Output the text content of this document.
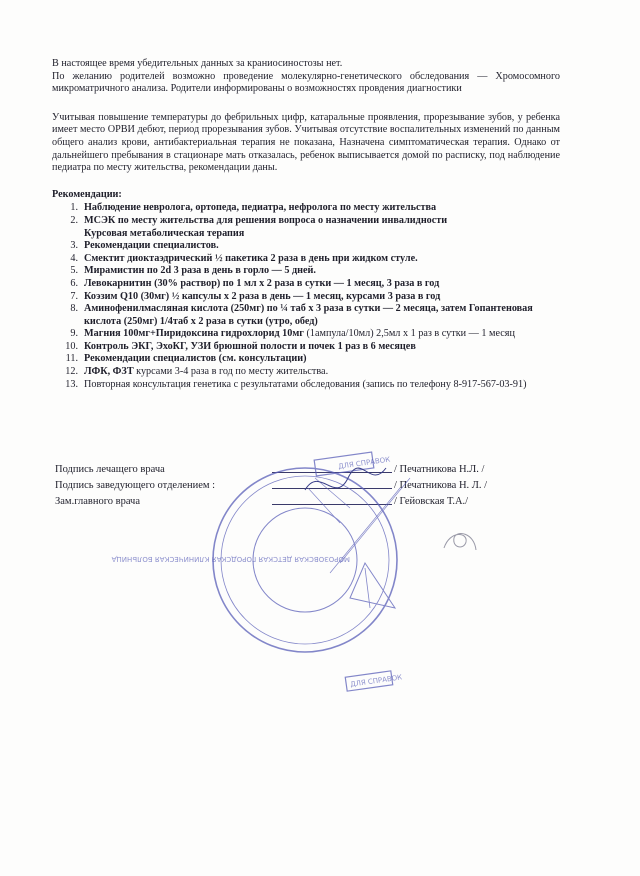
В настоящее время убедительных данных за краниосиностозы нет.

По желанию родителей возможно проведение молекулярно-генетического обследования — Хромосомного микроматричного анализа. Родители информированы о возможностях провдения диагностики

Учитывая повышение температуры до фебрильных цифр, катаральные проявления, прорезывание зубов, у ребенка имеет место ОРВИ дебют, период прорезывания зубов. Учитывая отсутствие воспалительных изменений по данным общего анализ крови, антибактериальная терапия не показана, Назначена симптоматическая терапия. Однако от дальнейшего пребывания в стационаре мать отказалась, ребенок выписывается домой по расписку, под наблюдение педиатра по месту жительства, рекомендации даны.

Рекомендации:
1. Наблюдение невролога, ортопеда, педиатра, нефролога по месту жительства
2. МСЭК по месту жительства для решения вопроса о назначении инвалидности
Курсовая метаболическая терапия
3. Рекомендации специалистов.
4. Смектит диоктаэдрический ½ пакетика 2 раза в день при жидком стуле.
5. Мирамистин по 2d 3 раза в день в горло — 5 дней.
6. Левокарнитин (30% раствор) по 1 мл х 2 раза в сутки — 1 месяц, 3 раза в год
7. Коэзим Q10 (30мг) ½ капсулы х 2 раза в день — 1 месяц, курсами 3 раза в год
8. Аминофенилмасляная кислота (250мг) по ¼ таб х 3 раза в сутки — 2 месяца, затем Гопантеновая кислота (250мг) 1/4таб х 2 раза в сутки (утро, обед)
9. Магния 100мг+Пиридоксина гидрохлорид 10мг (1ампула/10мл) 2,5мл х 1 раз в сутки — 1 месяц
10. Контроль ЭКГ, ЭхоКГ, УЗИ брюшной полости и почек 1 раз в 6 месяцев
11. Рекомендации специалистов (см. консультации)
12. ЛФК, ФЗТ курсами 3-4 раза в год по месту жительства.
13. Повторная консультация генетика с результатами обследования (запись по телефону 8-917-567-03-91)
Подпись лечащего врача	/ Печатникова Н.Л. /
Подпись заведующего отделением :	/ Печатникова Н. Л. /
Зам.главного врача	/ Гейовская Т.А./
ДЛЯ СПРАВОК
ДЛЯ СПРАВОК
МОРОЗОВСКАЯ ДЕТСКАЯ ГОРОДСКАЯ КЛИНИЧЕСКАЯ БОЛЬНИЦА
